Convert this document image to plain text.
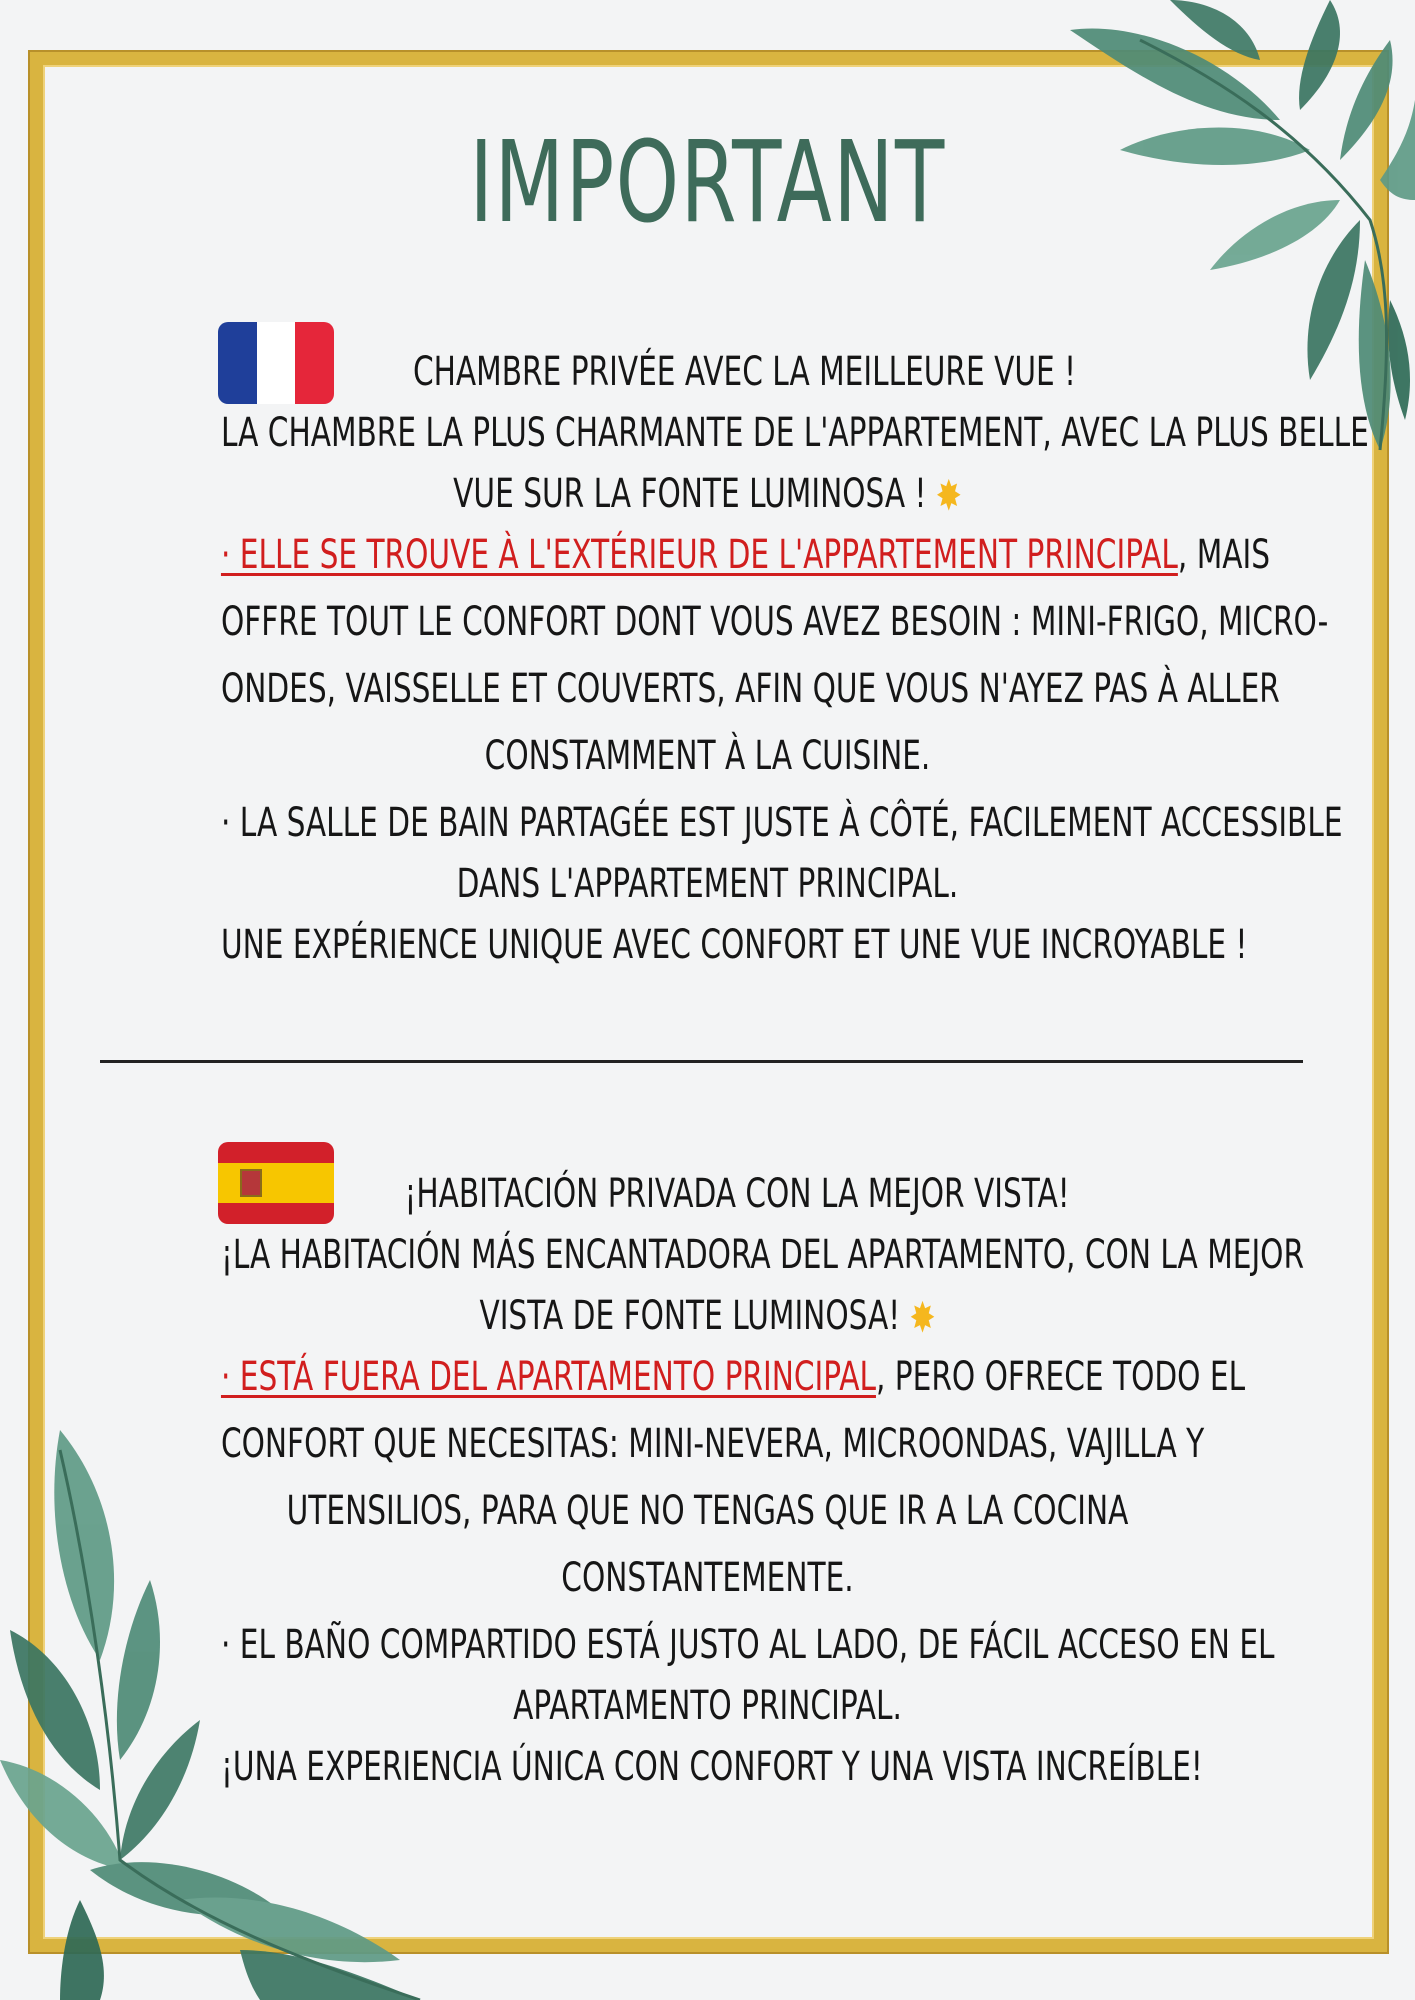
IMPORTANT
CHAMBRE PRIVÉE AVEC LA MEILLEURE VUE !
LA CHAMBRE LA PLUS CHARMANTE DE L'APPARTEMENT, AVEC LA PLUS BELLE
VUE SUR LA FONTE LUMINOSA ! ✸
· ELLE SE TROUVE À L'EXTÉRIEUR DE L'APPARTEMENT PRINCIPAL, MAIS
OFFRE TOUT LE CONFORT DONT VOUS AVEZ BESOIN : MINI-FRIGO, MICRO-
ONDES, VAISSELLE ET COUVERTS, AFIN QUE VOUS N'AYEZ PAS À ALLER
CONSTAMMENT À LA CUISINE.
· LA SALLE DE BAIN PARTAGÉE EST JUSTE À CÔTÉ, FACILEMENT ACCESSIBLE
DANS L'APPARTEMENT PRINCIPAL.
UNE EXPÉRIENCE UNIQUE AVEC CONFORT ET UNE VUE INCROYABLE !
¡HABITACIÓN PRIVADA CON LA MEJOR VISTA!
¡LA HABITACIÓN MÁS ENCANTADORA DEL APARTAMENTO, CON LA MEJOR
VISTA DE FONTE LUMINOSA! ✸
· ESTÁ FUERA DEL APARTAMENTO PRINCIPAL, PERO OFRECE TODO EL
CONFORT QUE NECESITAS: MINI-NEVERA, MICROONDAS, VAJILLA Y
UTENSILIOS, PARA QUE NO TENGAS QUE IR A LA COCINA
CONSTANTEMENTE.
· EL BAÑO COMPARTIDO ESTÁ JUSTO AL LADO, DE FÁCIL ACCESO EN EL
APARTAMENTO PRINCIPAL.
¡UNA EXPERIENCIA ÚNICA CON CONFORT Y UNA VISTA INCREÍBLE!
